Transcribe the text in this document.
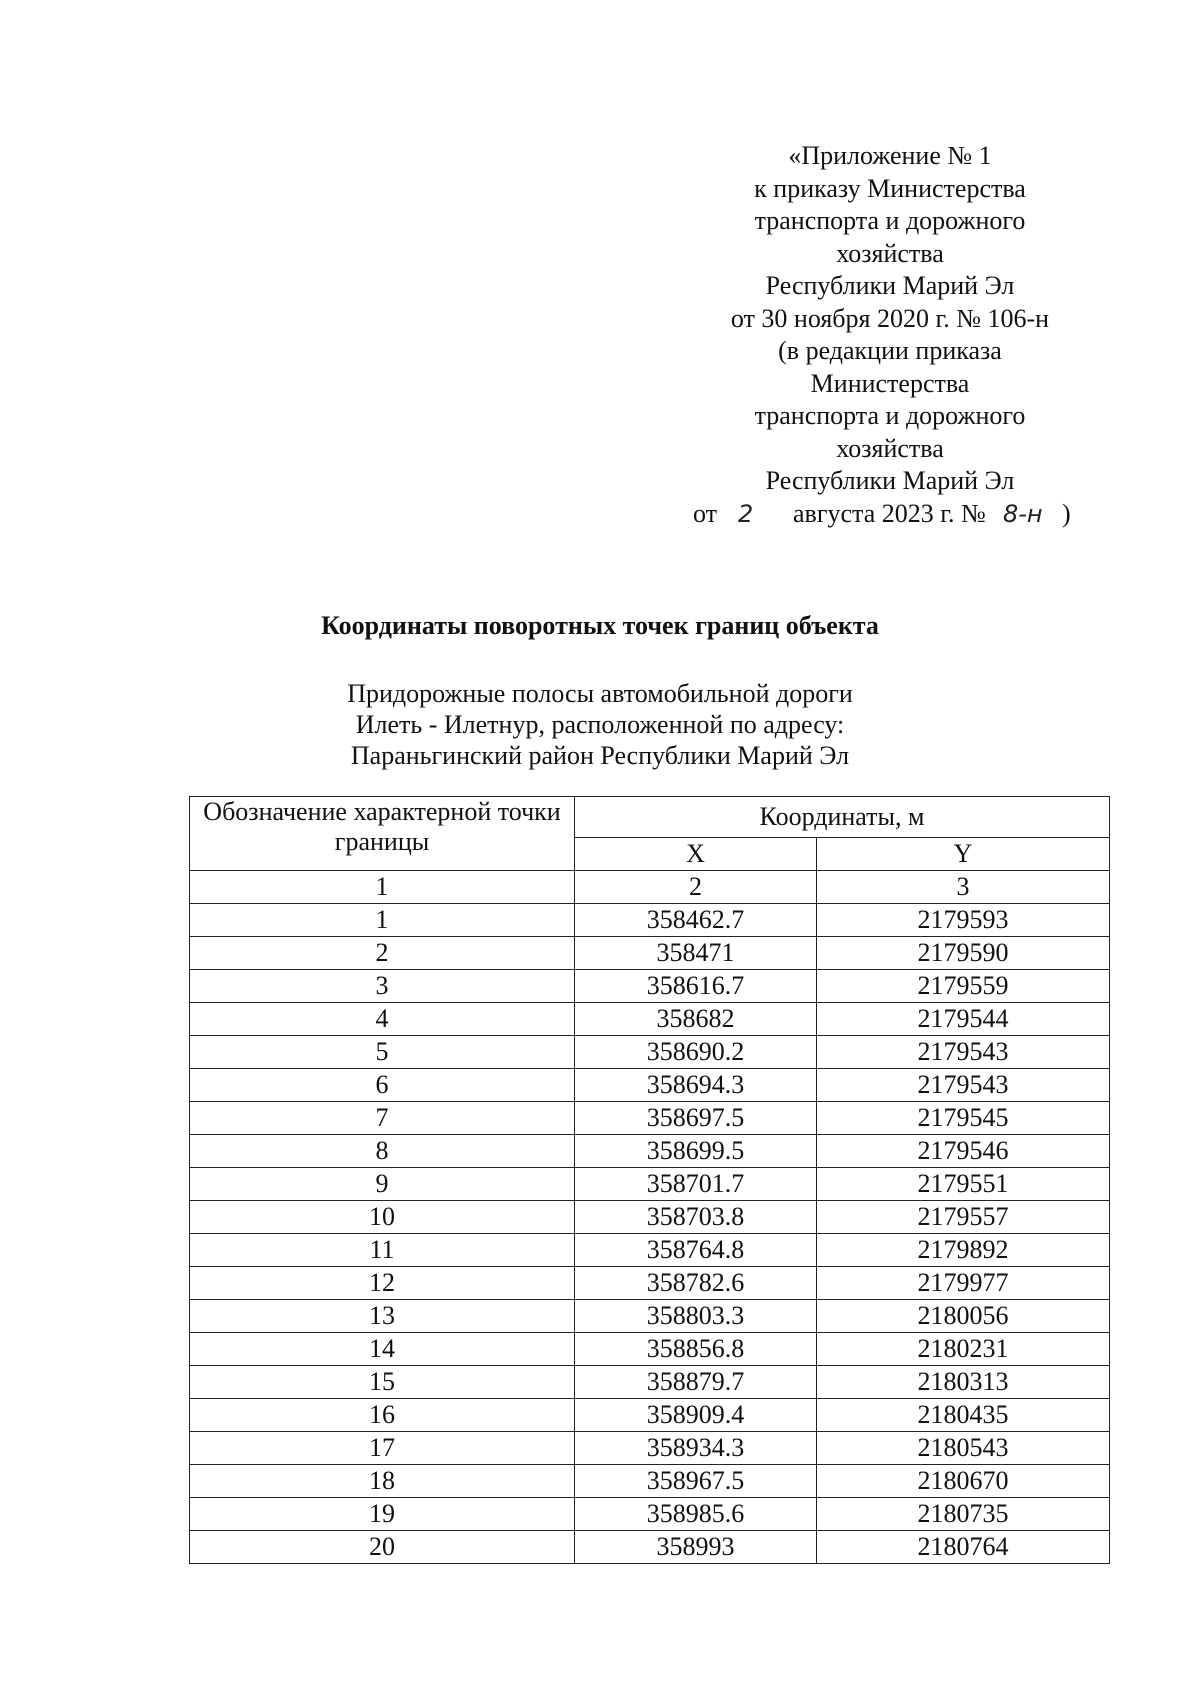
«Приложение № 1
к приказу Министерства
транспорта и дорожного
хозяйства
Республики Марий Эл
от 30 ноября 2020 г. № 106-н
(в редакции приказа
Министерства
транспорта и дорожного
хозяйства
Республики Марий Эл
от 2 августа 2023 г. № 8-н )
Координаты поворотных точек границ объекта
Придорожные полосы автомобильной дороги
Илеть - Илетнур, расположенной по адресу:
Параньгинский район Республики Марий Эл
Обозначение характерной точки границы	Координаты, м	
	X	Y
1	2	3
1	358462.7	2179593
2	358471	2179590
3	358616.7	2179559
4	358682	2179544
5	358690.2	2179543
6	358694.3	2179543
7	358697.5	2179545
8	358699.5	2179546
9	358701.7	2179551
10	358703.8	2179557
11	358764.8	2179892
12	358782.6	2179977
13	358803.3	2180056
14	358856.8	2180231
15	358879.7	2180313
16	358909.4	2180435
17	358934.3	2180543
18	358967.5	2180670
19	358985.6	2180735
20	358993	2180764
